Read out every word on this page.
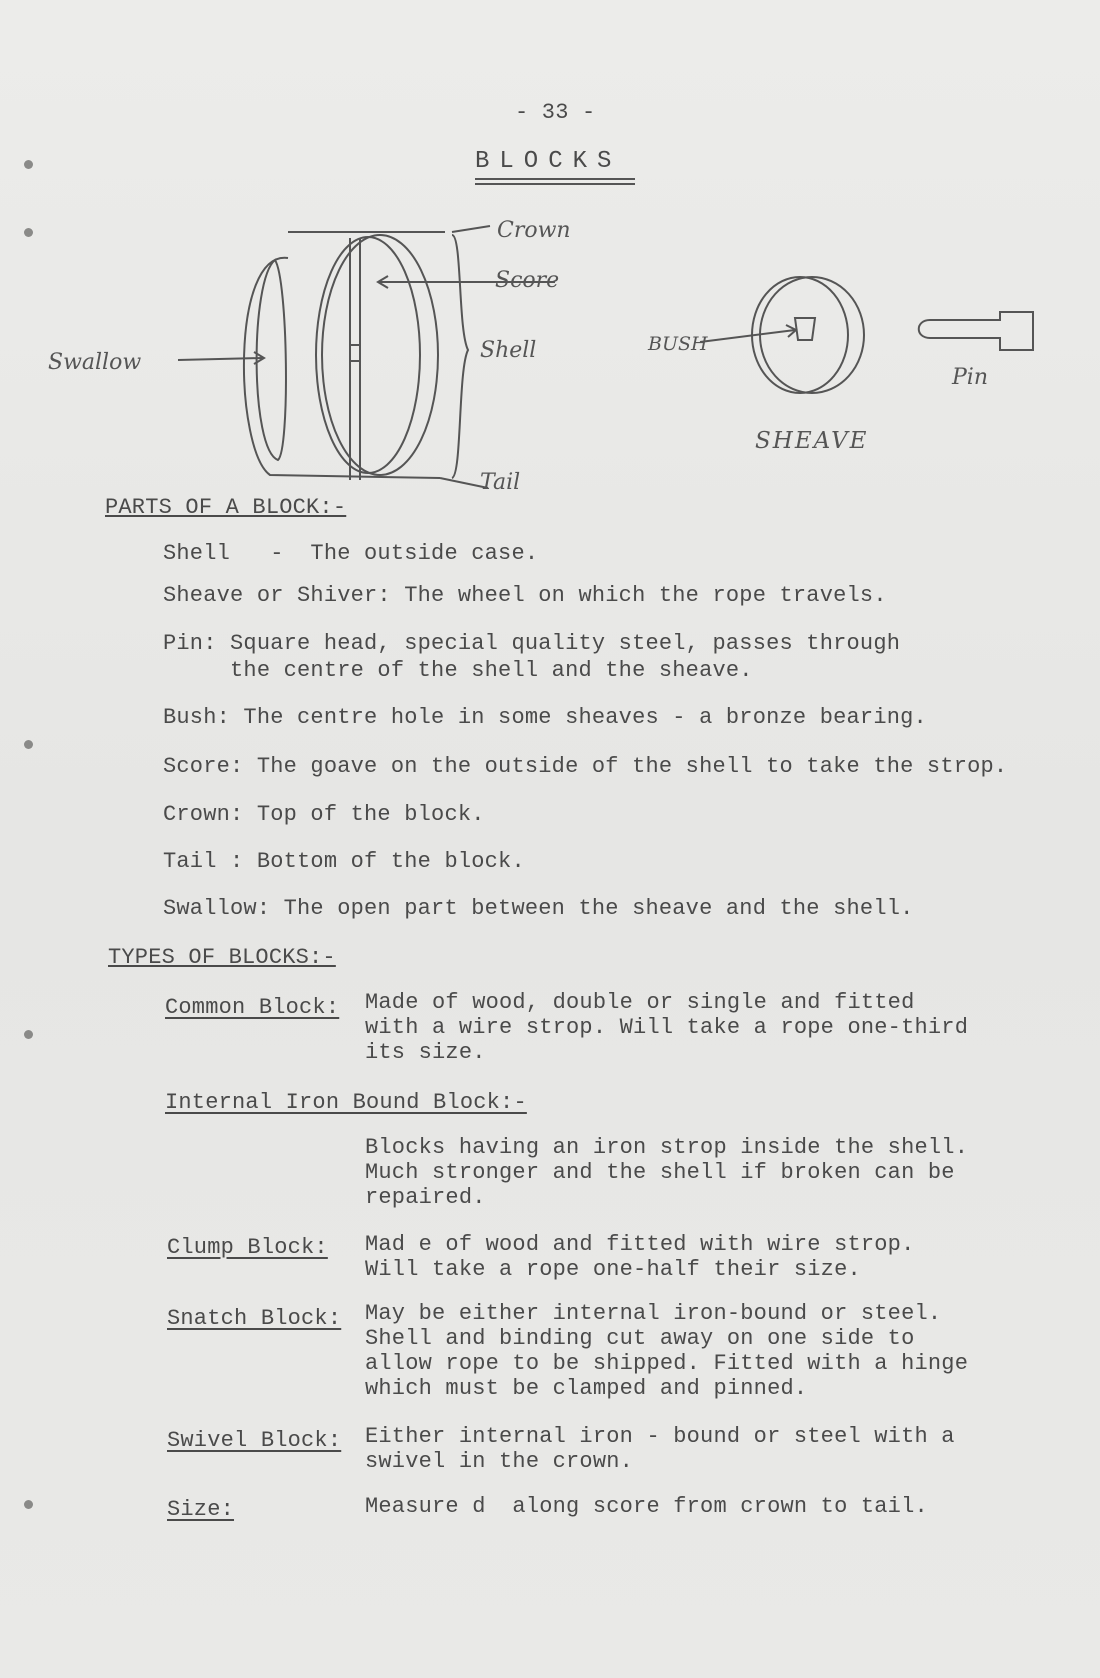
- 33 -
BLOCKS
Crown
Score
Swallow	Shell
Tail
BUSH
SHEAVE
Pin
PARTS OF A BLOCK:-
Shell   -  The outside case.
Sheave or Shiver: The wheel on which the rope travels.
Pin: Square head, special quality steel, passes through
the centre of the shell and the sheave.
Bush: The centre hole in some sheaves - a bronze bearing.
Score: The goave on the outside of the shell to take the strop.
Crown: Top of the block.
Tail : Bottom of the block.
Swallow: The open part between the sheave and the shell.
TYPES OF BLOCKS:-
Common Block: Made of wood, double or single and fitted
with a wire strop. Will take a rope one-third
its size.
Internal Iron Bound Block:-
Blocks having an iron strop inside the shell.
Much stronger and the shell if broken can be
repaired.
Clump Block: Mad e of wood and fitted with wire strop.
Will take a rope one-half their size.
Snatch Block: May be either internal iron-bound or steel.
Shell and binding cut away on one side to
allow rope to be shipped. Fitted with a hinge
which must be clamped and pinned.
Swivel Block: Either internal iron - bound or steel with a
swivel in the crown.
Size:	Measure d  along score from crown to tail.
